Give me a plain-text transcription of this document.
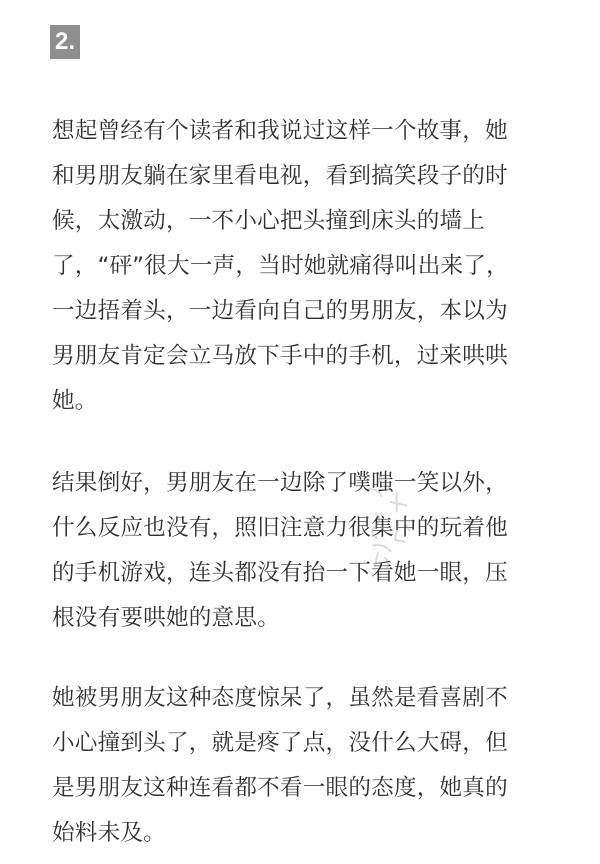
2.
想起曾经有个读者和我说过这样一个故事，她
和男朋友躺在家里看电视，看到搞笑段子的时
候，太激动，一不小心把头撞到床头的墙上
了，“砰”很大一声，当时她就痛得叫出来了，
一边捂着头，一边看向自己的男朋友，本以为
男朋友肯定会立马放下手中的手机，过来哄哄
她。
结果倒好，男朋友在一边除了噗嗤一笑以外，
什么反应也没有，照旧注意力很集中的玩着他
的手机游戏，连头都没有抬一下看她一眼，压
根没有要哄她的意思。
她被男朋友这种态度惊呆了，虽然是看喜剧不
小心撞到头了，就是疼了点，没什么大碍，但
是男朋友这种连看都不看一眼的态度，她真的
始料未及。
